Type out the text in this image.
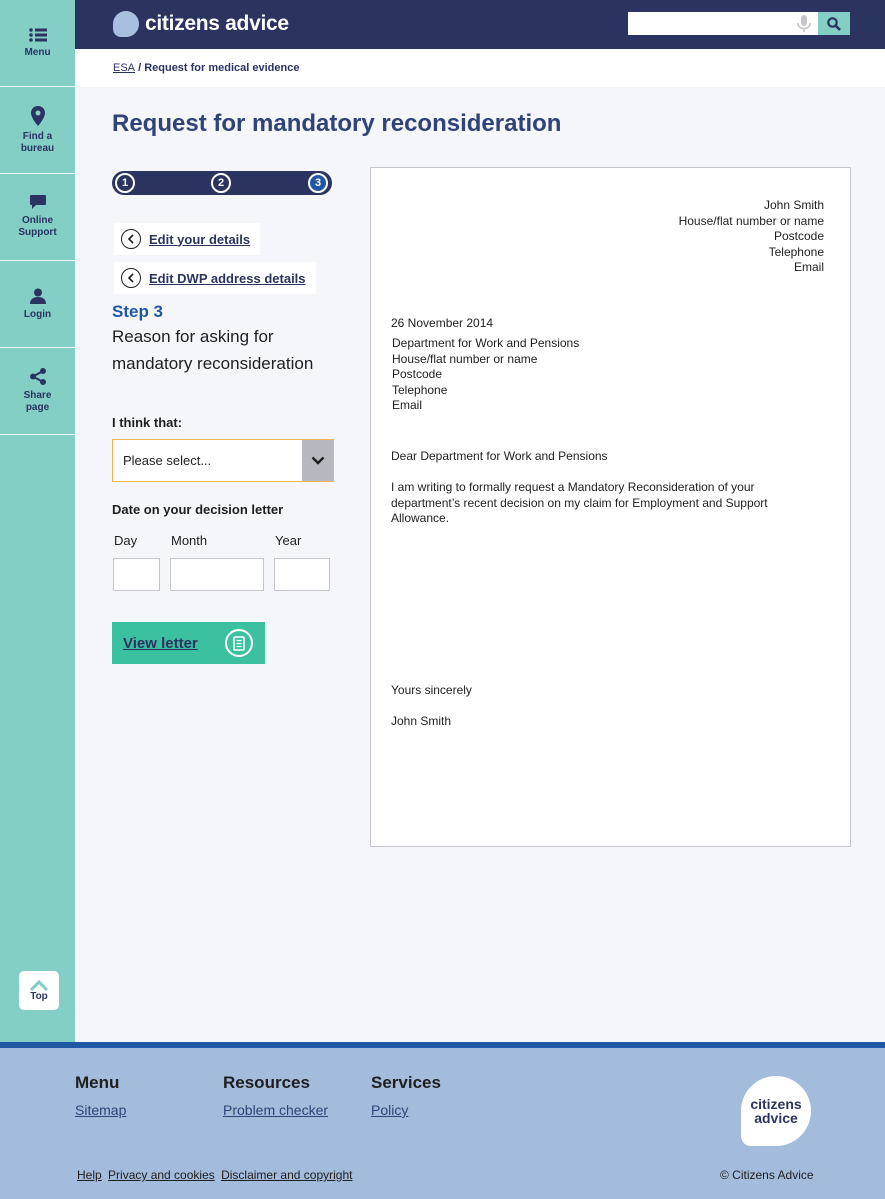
Menu
Find a bureau
Online Support
Login
Share page
Top
citizens advice
ESA / Request for medical evidence
Request for mandatory reconsideration
1	2	3
Edit your details
Edit DWP address details
Step 3
Reason for asking for mandatory reconsideration
I think that:
Please select...
Date on your decision letter
Day	Month	Year
View letter
John Smith
House/flat number or name
Postcode
Telephone
Email
26 November 2014
Department for Work and Pensions
House/flat number or name
Postcode
Telephone
Email
Dear Department for Work and Pensions
I am writing to formally request a Mandatory Reconsideration of your department’s recent decision on my claim for Employment and Support Allowance.
Yours sincerely
John Smith
Menu
Sitemap
Resources
Problem checker
Services
Policy
Help Privacy and cookies Disclaimer and copyright	© Citizens Advice
citizens
advice
